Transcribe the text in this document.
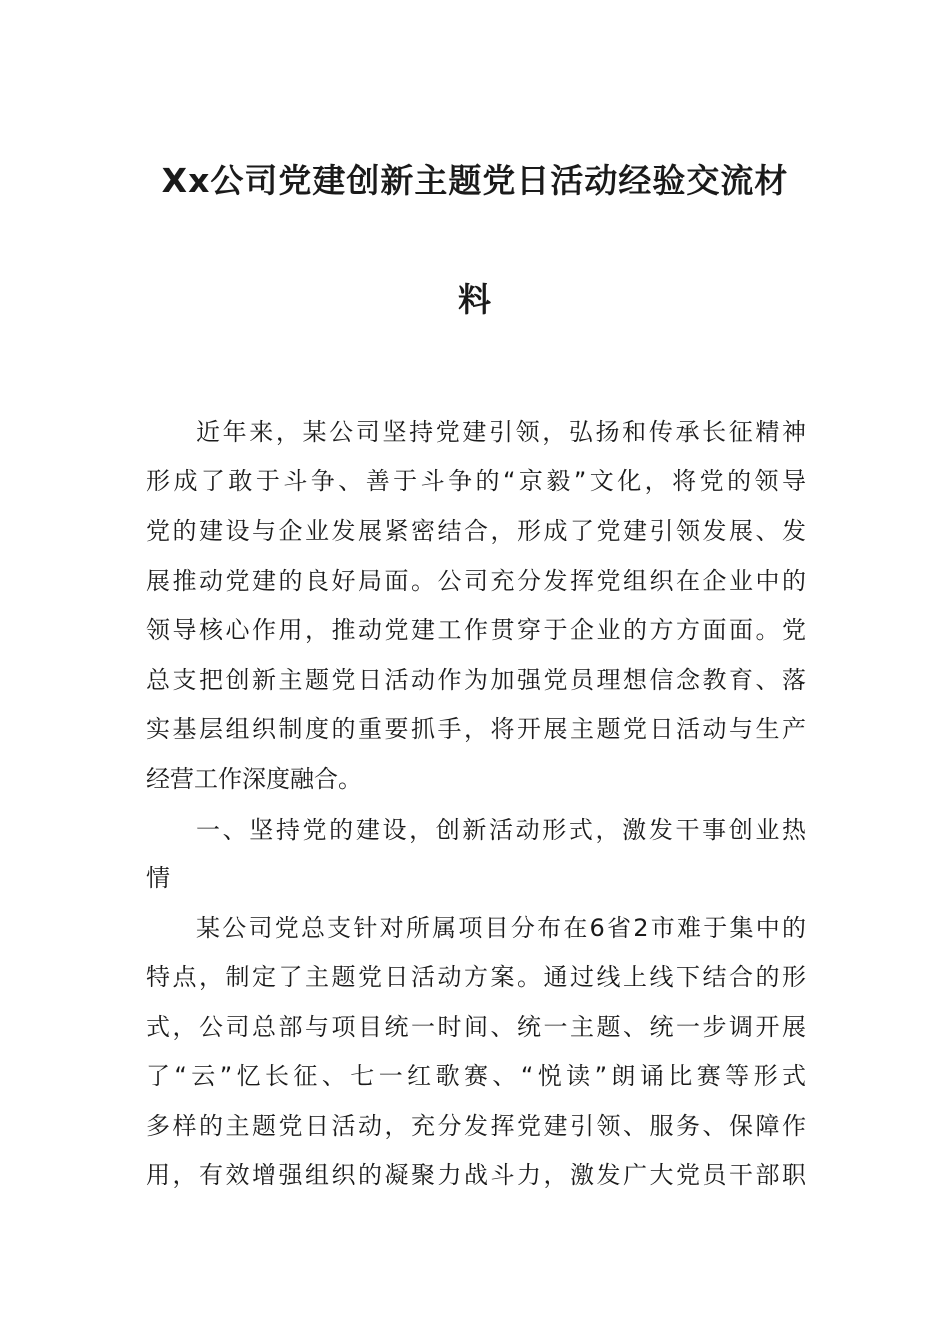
Xx公司党建创新主题党日活动经验交流材
料
近年来，某公司坚持党建引领，弘扬和传承长征精神
形成了敢于斗争、善于斗争的“京毅”文化，将党的领导
党的建设与企业发展紧密结合，形成了党建引领发展、发
展推动党建的良好局面。公司充分发挥党组织在企业中的
领导核心作用，推动党建工作贯穿于企业的方方面面。党
总支把创新主题党日活动作为加强党员理想信念教育、落
实基层组织制度的重要抓手，将开展主题党日活动与生产
经营工作深度融合。
一、坚持党的建设，创新活动形式，激发干事创业热
情
某公司党总支针对所属项目分布在6省2市难于集中的
特点，制定了主题党日活动方案。通过线上线下结合的形
式，公司总部与项目统一时间、统一主题、统一步调开展
了“云”忆长征、七一红歌赛、“悦读”朗诵比赛等形式
多样的主题党日活动，充分发挥党建引领、服务、保障作
用，有效增强组织的凝聚力战斗力，激发广大党员干部职
